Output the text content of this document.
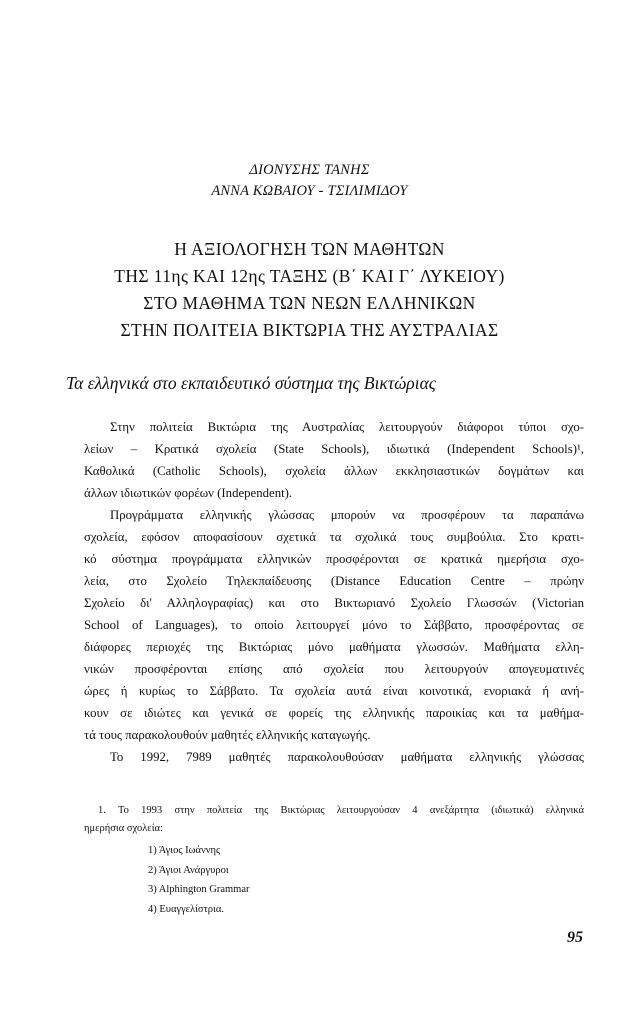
ΔΙΟΝΥΣΗΣ ΤΑΝΗΣ
ΑΝΝΑ ΚΩΒΑΙΟΥ - ΤΣΙΛΙΜΙΔΟΥ
Η ΑΞΙΟΛΟΓΗΣΗ ΤΩΝ ΜΑΘΗΤΩΝ
ΤΗΣ 11ης ΚΑΙ 12ης ΤΑΞΗΣ (Β΄ ΚΑΙ Γ΄ ΛΥΚΕΙΟΥ)
ΣΤΟ ΜΑΘΗΜΑ ΤΩΝ ΝΕΩΝ ΕΛΛΗΝΙΚΩΝ
ΣΤΗΝ ΠΟΛΙΤΕΙΑ ΒΙΚΤΩΡΙΑ ΤΗΣ ΑΥΣΤΡΑΛΙΑΣ
Τα ελληνικά στο εκπαιδευτικό σύστημα της Βικτώριας
Στην πολιτεία Βικτώρια της Αυστραλίας λειτουργούν διάφοροι τύποι σχο-
λείων – Κρατικά σχολεία (State Schools), ιδιωτικά (Independent Schools)¹,
Καθολικά (Catholic Schools), σχολεία άλλων εκκλησιαστικών δογμάτων και
άλλων ιδιωτικών φορέων (Independent).
Προγράμματα ελληνικής γλώσσας μπορούν να προσφέρουν τα παραπάνω
σχολεία, εφόσον αποφασίσουν σχετικά τα σχολικά τους συμβούλια. Στο κρατι-
κό σύστημα προγράμματα ελληνικών προσφέρονται σε κρατικά ημερήσια σχο-
λεία, στο Σχολείο Τηλεκπαίδευσης (Distance Education Centre – πρώην
Σχολείο δι' Αλληλογραφίας) και στο Βικτωριανό Σχολείο Γλωσσών (Victorian
School of Languages), το οποίο λειτουργεί μόνο το Σάββατο, προσφέροντας σε
διάφορες περιοχές της Βικτώριας μόνο μαθήματα γλωσσών. Μαθήματα ελλη-
νικών προσφέρονται επίσης από σχολεία που λειτουργούν απογευματινές
ώρες ή κυρίως το Σάββατο. Τα σχολεία αυτά είναι κοινοτικά, ενοριακά ή ανή-
κουν σε ιδιώτες και γενικά σε φορείς της ελληνικής παροικίας και τα μαθήμα-
τά τους παρακολουθούν μαθητές ελληνικής καταγωγής.
Το 1992, 7989 μαθητές παρακολουθούσαν μαθήματα ελληνικής γλώσσας
1. Το 1993 στην πολιτεία της Βικτώριας λειτουργούσαν 4 ανεξάρτητα (ιδιωτικά) ελληνικά
ημερήσια σχολεία:
1) Άγιος Ιωάννης
2) Άγιοι Ανάργυροι
3) Alphington Grammar
4) Ευαγγελίστρια.
95
